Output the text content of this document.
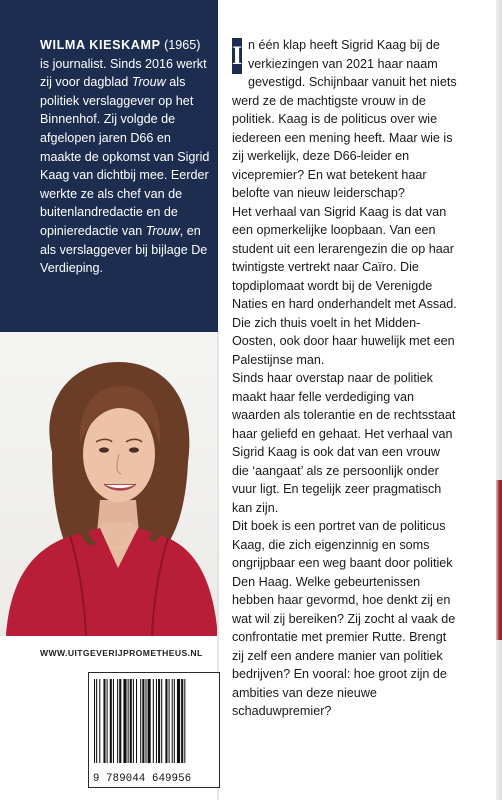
WILMA KIESKAMP (1965) is journalist. Sinds 2016 werkt zij voor dagblad Trouw als politiek verslaggever op het Binnenhof. Zij volgde de afgelopen jaren D66 en maakte de opkomst van Sigrid Kaag van dichtbij mee. Eerder werkte ze als chef van de buitenlandredactie en de opinieredactie van Trouw, en als verslaggever bij bijlage De Verdieping.
WWW.UITGEVERIJPROMETHEUS.NL
9 789044 649956

I n één klap heeft Sigrid Kaag bij de verkiezingen van 2021 haar naam gevestigd. Schijnbaar vanuit het niets werd ze de machtigste vrouw in de politiek. Kaag is de politicus over wie iedereen een mening heeft. Maar wie is zij werkelijk, deze D66-leider en vicepremier? En wat betekent haar belofte van nieuw leiderschap?

Het verhaal van Sigrid Kaag is dat van een opmerkelijke loopbaan. Van een student uit een lerarengezin die op haar twintigste vertrekt naar Caïro. Die topdiplomaat wordt bij de Verenigde Naties en hard onderhandelt met Assad. Die zich thuis voelt in het Midden-Oosten, ook door haar huwelijk met een Palestijnse man.

Sinds haar overstap naar de politiek maakt haar felle verdediging van waarden als tolerantie en de rechtsstaat haar geliefd en gehaat. Het verhaal van Sigrid Kaag is ook dat van een vrouw die ‘aangaat’ als ze persoonlijk onder vuur ligt. En tegelijk zeer pragmatisch kan zijn.

Dit boek is een portret van de politicus Kaag, die zich eigenzinnig en soms ongrijpbaar een weg baant door politiek Den Haag. Welke gebeurtenissen hebben haar gevormd, hoe denkt zij en wat wil zij bereiken? Zij zocht al vaak de confrontatie met premier Rutte. Brengt zij zelf een andere manier van politiek bedrijven? En vooral: hoe groot zijn de ambities van deze nieuwe schaduwpremier?
